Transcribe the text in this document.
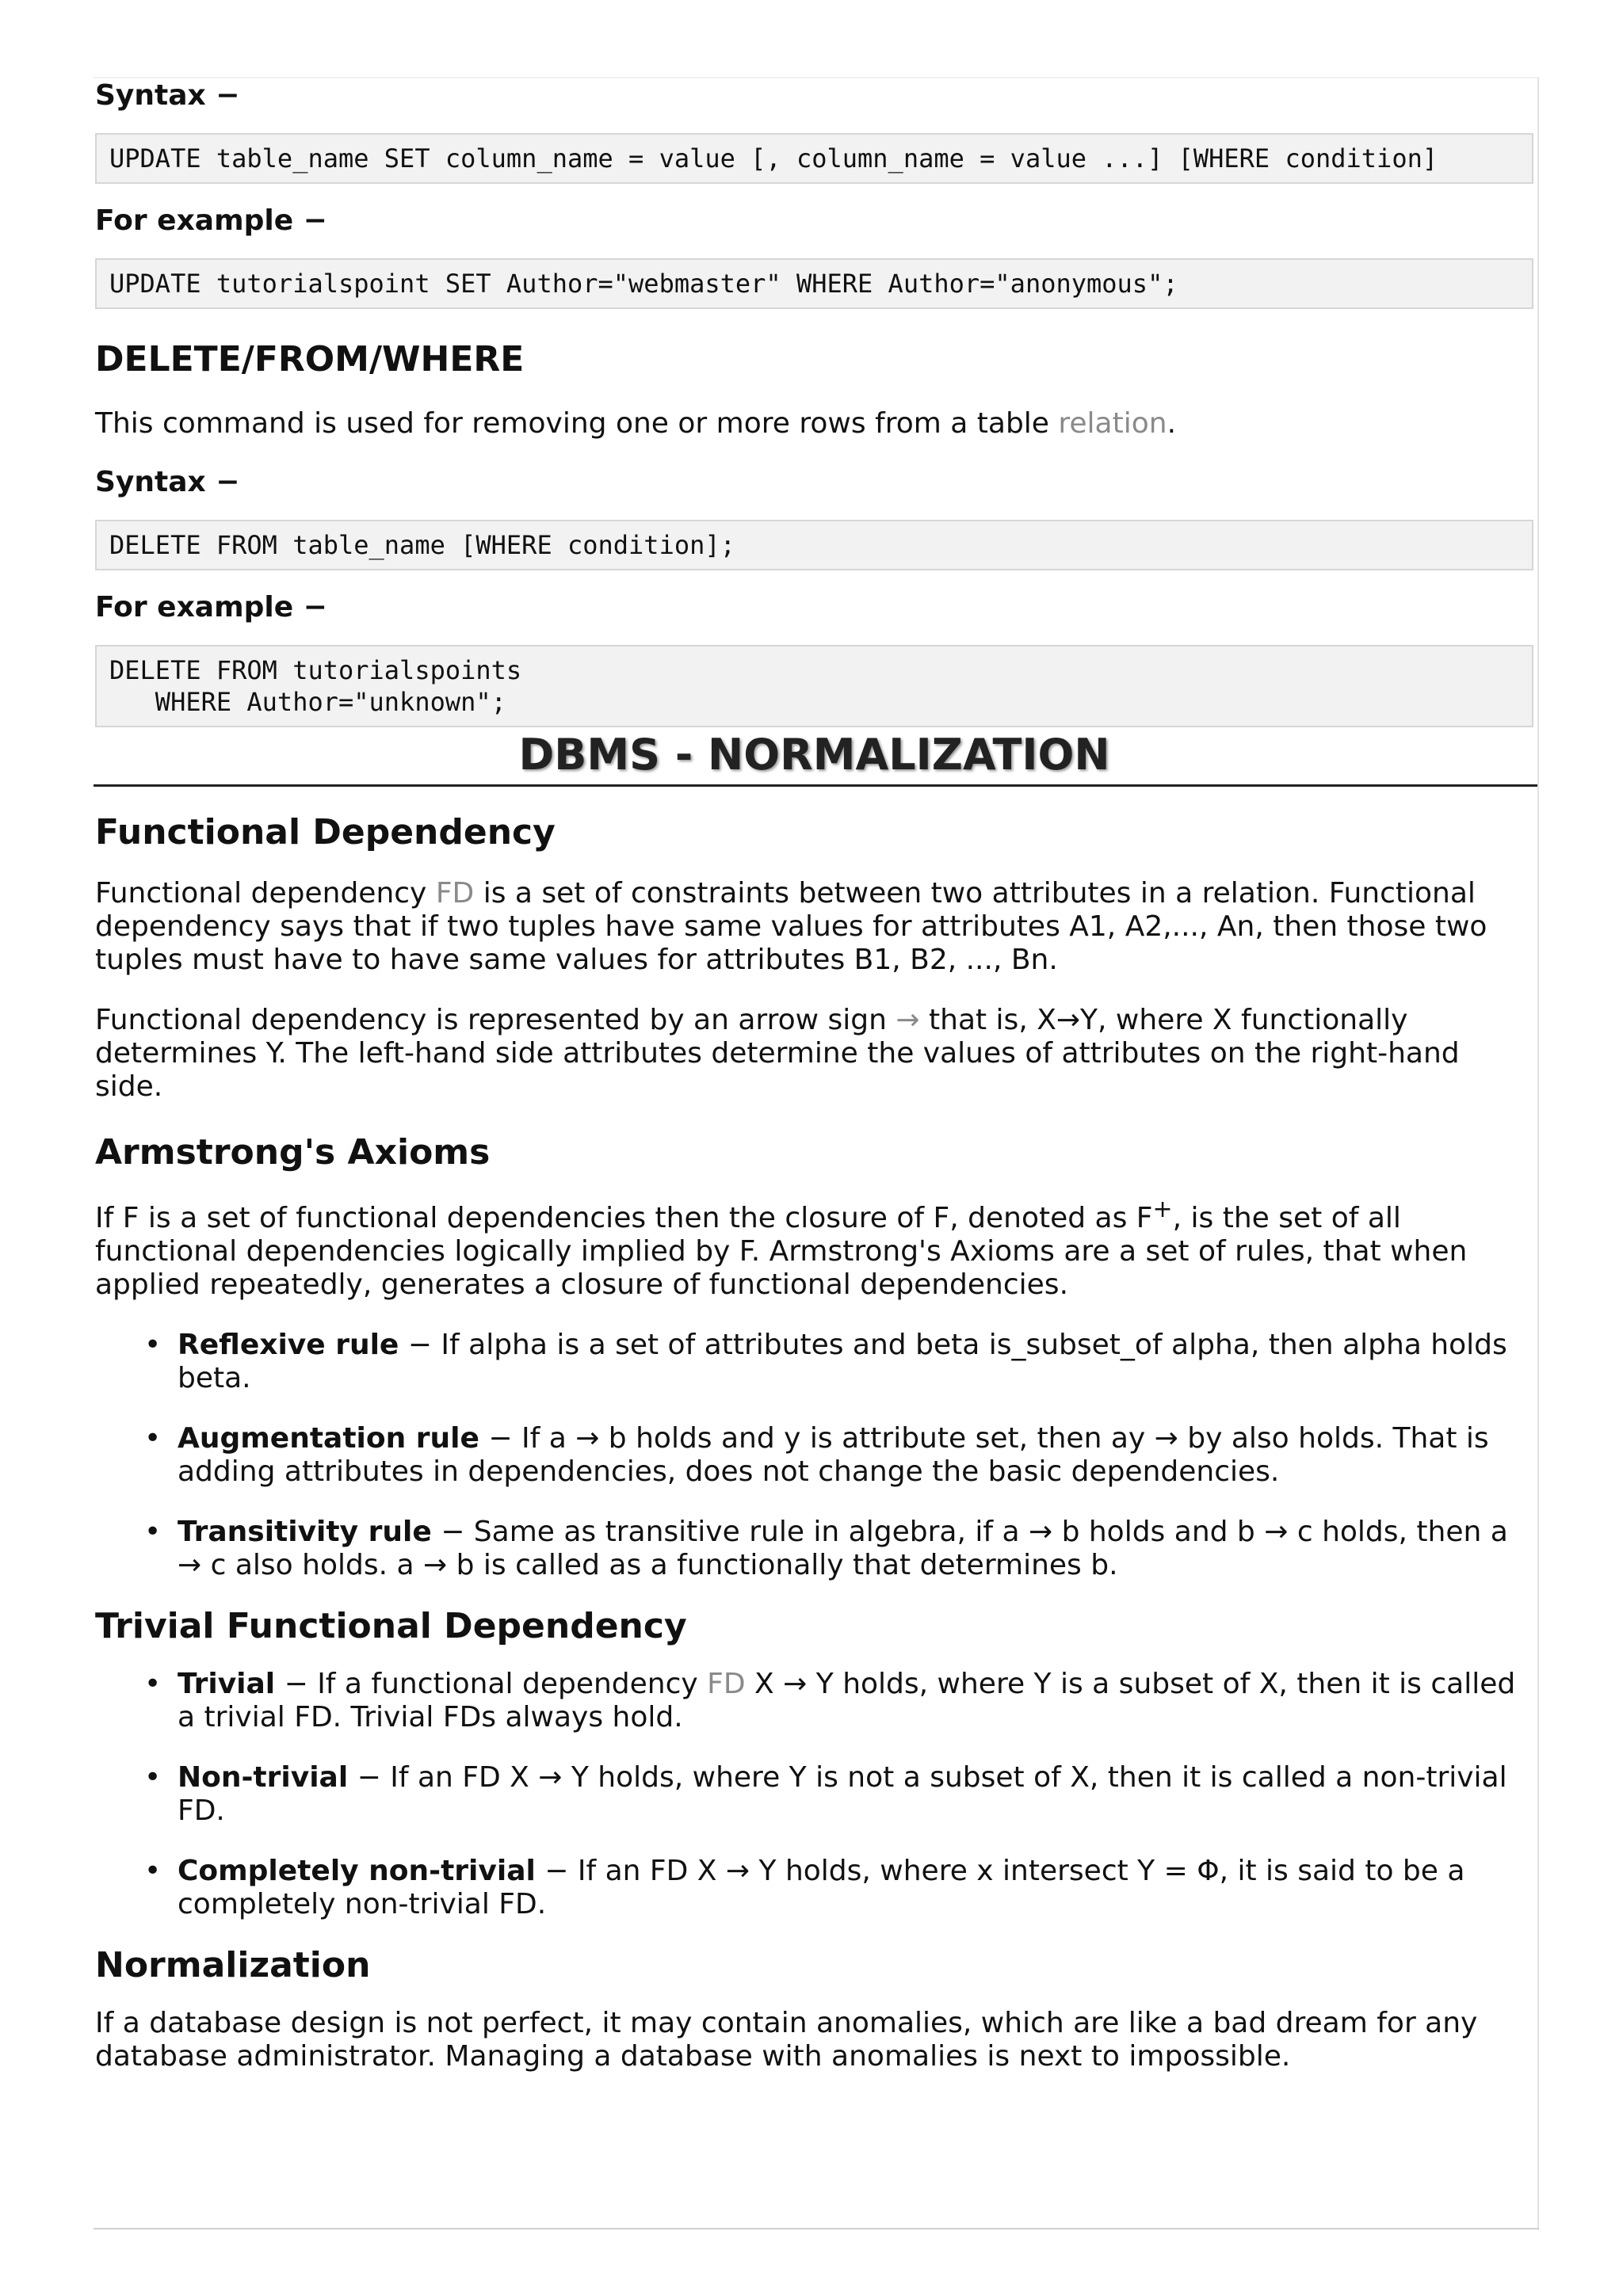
Syntax −

UPDATE table_name SET column_name = value [, column_name = value ...] [WHERE condition]

For example −

UPDATE tutorialspoint SET Author="webmaster" WHERE Author="anonymous";
DELETE/FROM/WHERE

This command is used for removing one or more rows from a table relation.

Syntax −

DELETE FROM table_name [WHERE condition];

For example −

DELETE FROM tutorialspoints
WHERE Author="unknown";
DBMS - NORMALIZATION
Functional Dependency

Functional dependency FD is a set of constraints between two attributes in a relation. Functional dependency says that if two tuples have same values for attributes A1, A2,..., An, then those two tuples must have to have same values for attributes B1, B2, ..., Bn.

Functional dependency is represented by an arrow sign → that is, X→Y, where X functionally determines Y. The left-hand side attributes determine the values of attributes on the right-hand side.

Armstrong's Axioms

If F is a set of functional dependencies then the closure of F, denoted as F+, is the set of all functional dependencies logically implied by F. Armstrong's Axioms are a set of rules, that when applied repeatedly, generates a closure of functional dependencies.

• Reflexive rule − If alpha is a set of attributes and beta is_subset_of alpha, then alpha holds beta.
• Augmentation rule − If a → b holds and y is attribute set, then ay → by also holds. That is adding attributes in dependencies, does not change the basic dependencies.
• Transitivity rule − Same as transitive rule in algebra, if a → b holds and b → c holds, then a → c also holds. a → b is called as a functionally that determines b.
Trivial Functional Dependency
• Trivial − If a functional dependency FD X → Y holds, where Y is a subset of X, then it is called a trivial FD. Trivial FDs always hold.
• Non-trivial − If an FD X → Y holds, where Y is not a subset of X, then it is called a non-trivial FD.
• Completely non-trivial − If an FD X → Y holds, where x intersect Y = Φ, it is said to be a completely non-trivial FD.
Normalization

If a database design is not perfect, it may contain anomalies, which are like a bad dream for any database administrator. Managing a database with anomalies is next to impossible.
